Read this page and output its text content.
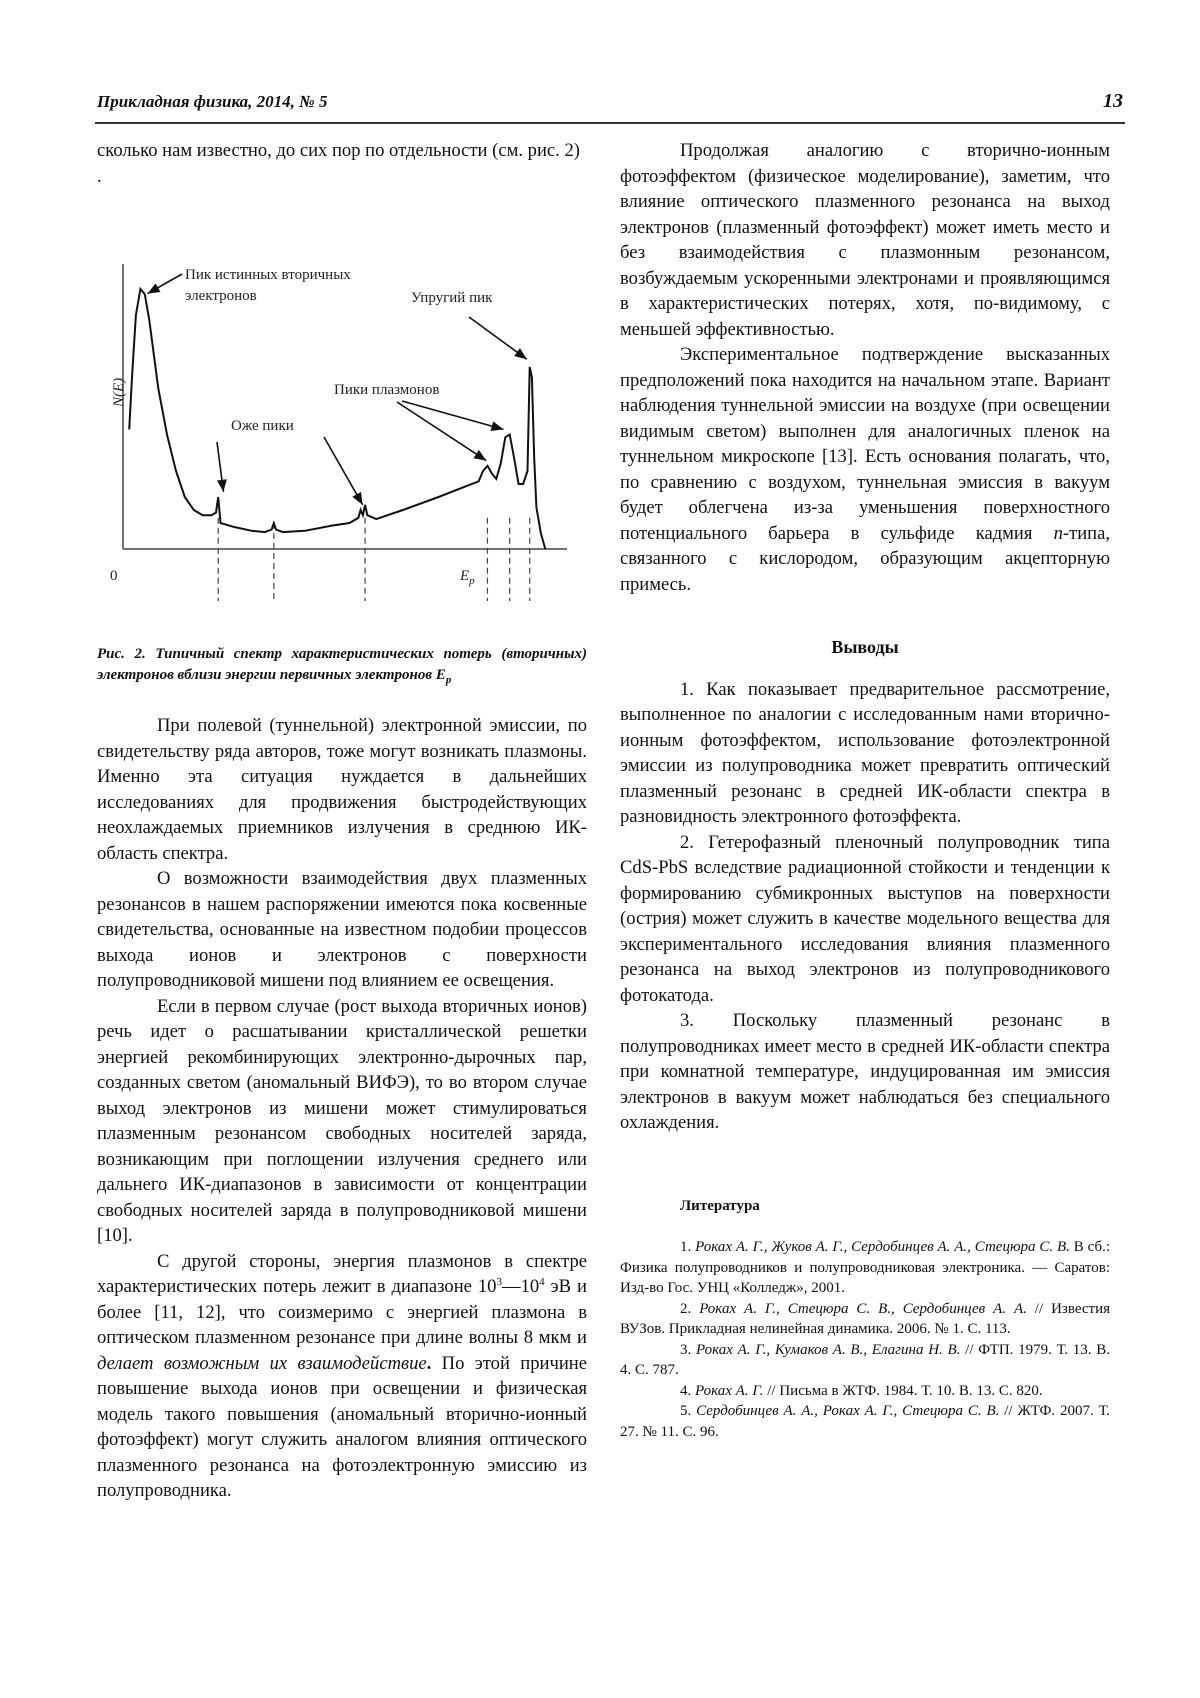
Прикладная физика, 2014, № 5	13

сколько нам известно, до сих пор по отдельности (см. рис. 2) .

Пик истинных вторичных
электронов
Оже пики
Пики плазмонов
Упругий пик
N(E)
0	$E_p$
Рис. 2. Типичный спектр характеристических потерь (вторичных) электронов вблизи энергии первичных электронов $E_p$

При полевой (туннельной) электронной эмиссии, по свидетельству ряда авторов, тоже могут возникать плазмоны. Именно эта ситуация нуждается в дальнейших исследованиях для продвижения быстродействующих неохлаждаемых приемников излучения в среднюю ИК-область спектра.

О возможности взаимодействия двух плазменных резонансов в нашем распоряжении имеются пока косвенные свидетельства, основанные на известном подобии процессов выхода ионов и электронов с поверхности полупроводниковой мишени под влиянием ее освещения.

Если в первом случае (рост выхода вторичных ионов) речь идет о расшатывании кристаллической решетки энергией рекомбинирующих электронно-дырочных пар, созданных светом (аномальный ВИФЭ), то во втором случае выход электронов из мишени может стимулироваться плазменным резонансом свободных носителей заряда, возникающим при поглощении излучения среднего или дальнего ИК-диапазонов в зависимости от концентрации свободных носителей заряда в полупроводниковой мишени [10].

С другой стороны, энергия плазмонов в спектре характеристических потерь лежит в диапазоне $10^3—10^4$ эВ и более [11, 12], что соизмеримо с энергией плазмона в оптическом плазменном резонансе при длине волны 8 мкм и делает возможным их взаимодействие. По этой причине повышение выхода ионов при освещении и физическая модель такого повышения (аномальный вторично-ионный фотоэффект) могут служить аналогом влияния оптического плазменного резонанса на фотоэлектронную эмиссию из полупроводника.

Продолжая аналогию с вторично-ионным фотоэффектом (физическое моделирование), заметим, что влияние оптического плазменного резонанса на выход электронов (плазменный фотоэффект) может иметь место и без взаимодействия с плазмонным резонансом, возбуждаемым ускоренными электронами и проявляющимся в характеристических потерях, хотя, по-видимому, с меньшей эффективностью.

Экспериментальное подтверждение высказанных предположений пока находится на начальном этапе. Вариант наблюдения туннельной эмиссии на воздухе (при освещении видимым светом) выполнен для аналогичных пленок на туннельном микроскопе [13]. Есть основания полагать, что, по сравнению с воздухом, туннельная эмиссия в вакуум будет облегчена из-за уменьшения поверхностного потенциального барьера в сульфиде кадмия n-типа, связанного с кислородом, образующим акцепторную примесь.

Выводы

1. Как показывает предварительное рассмотрение, выполненное по аналогии с исследованным нами вторично-ионным фотоэффектом, использование фотоэлектронной эмиссии из полупроводника может превратить оптический плазменный резонанс в средней ИК-области спектра в разновидность электронного фотоэффекта.

2. Гетерофазный пленочный полупроводник типа CdS-PbS вследствие радиационной стойкости и тенденции к формированию субмикронных выступов на поверхности (острия) может служить в качестве модельного вещества для экспериментального исследования влияния плазменного резонанса на выход электронов из полупроводникового фотокатода.

3. Поскольку плазменный резонанс в полупроводниках имеет место в средней ИК-области спектра при комнатной температуре, индуцированная им эмиссия электронов в вакуум может наблюдаться без специального охлаждения.

Литература

1. Роках А. Г., Жуков А. Г., Сердобинцев А. А., Стецюра С. В. В сб.: Физика полупроводников и полупроводниковая электроника. — Саратов: Изд-во Гос. УНЦ «Колледж», 2001.

2. Роках А. Г., Стецюра С. В., Сердобинцев А. А. // Известия ВУЗов. Прикладная нелинейная динамика. 2006. № 1. С. 113.

3. Роках А. Г., Кумаков А. В., Елагина Н. В. // ФТП. 1979. Т. 13. В. 4. С. 787.

4. Роках А. Г. // Письма в ЖТФ. 1984. Т. 10. В. 13. С. 820.

5. Сердобинцев А. А., Роках А. Г., Стецюра С. В. // ЖТФ. 2007. Т. 27. № 11. С. 96.
